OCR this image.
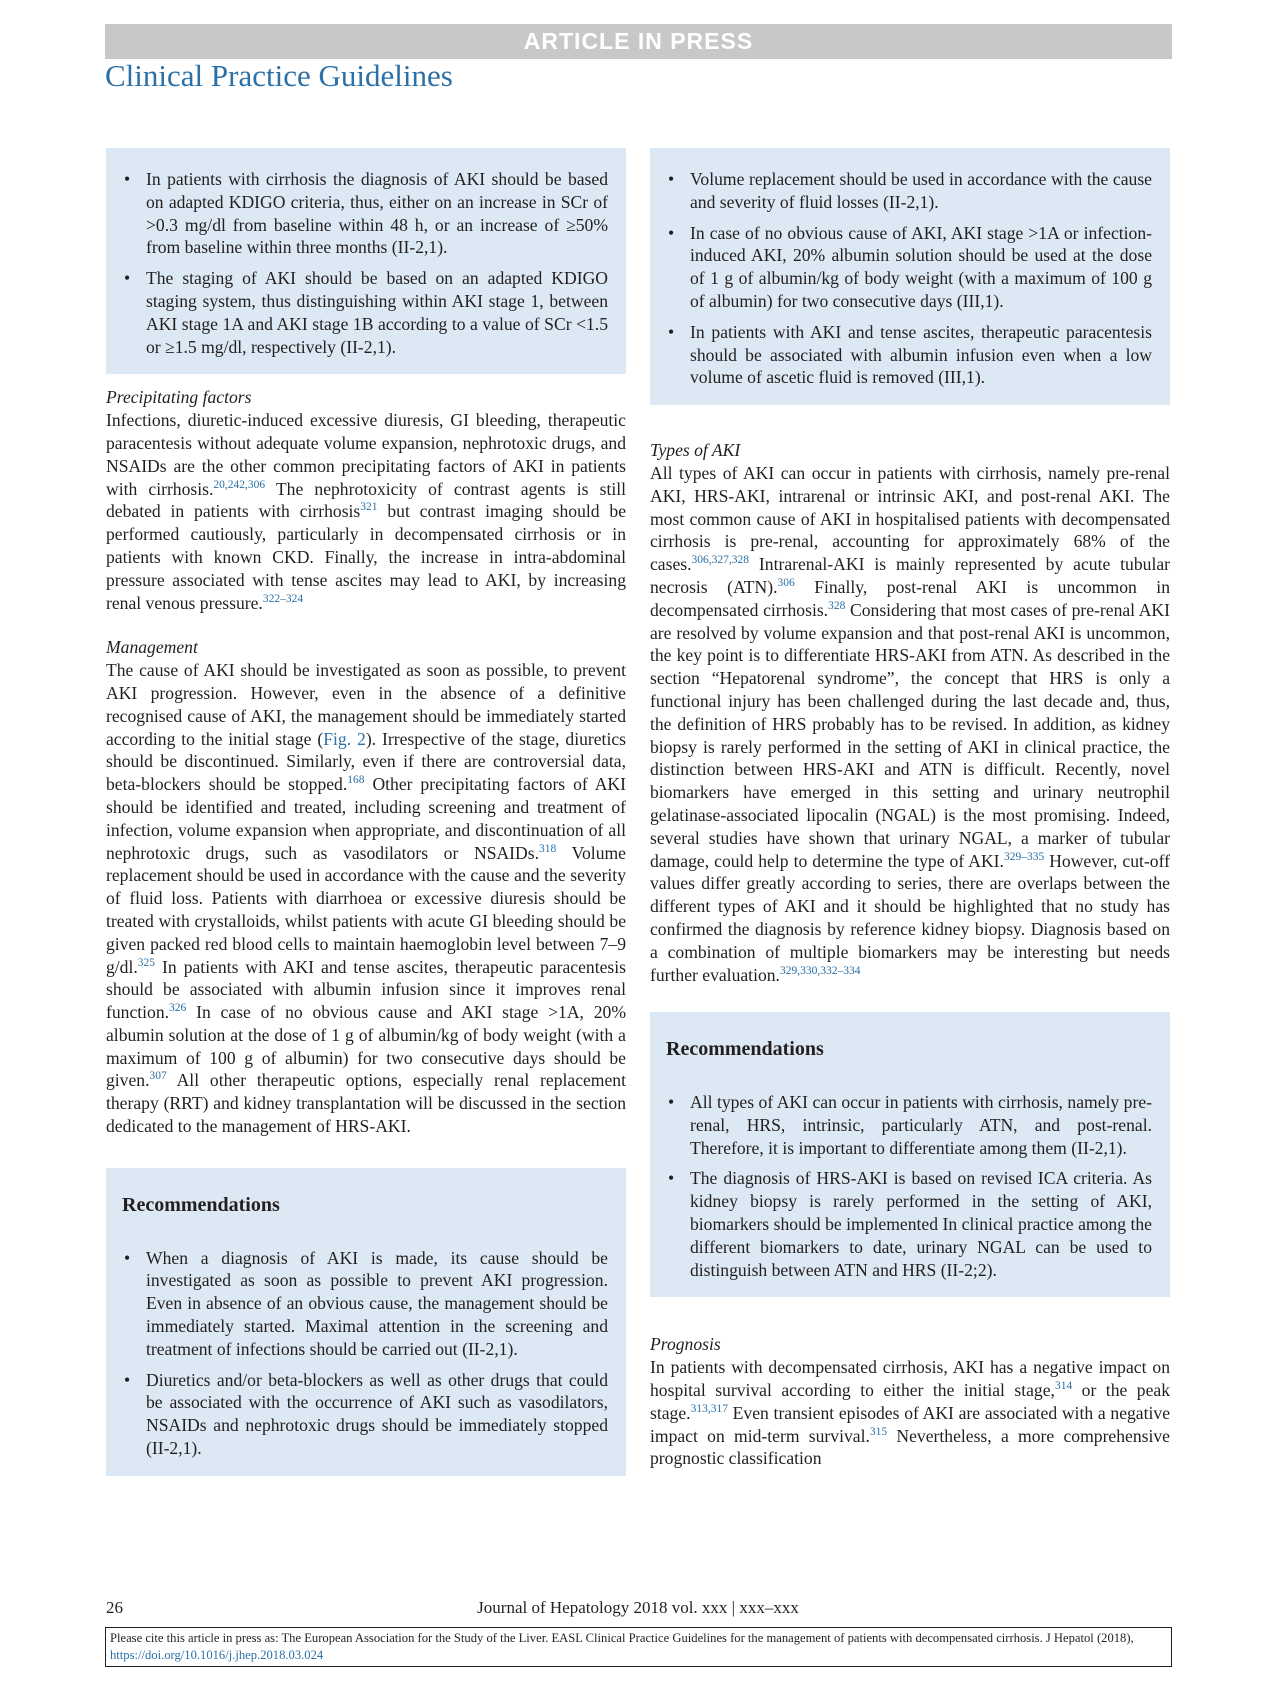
ARTICLE IN PRESS
Clinical Practice Guidelines
• In patients with cirrhosis the diagnosis of AKI should be based on adapted KDIGO criteria, thus, either on an increase in SCr of >0.3 mg/dl from baseline within 48 h, or an increase of ≥50% from baseline within three months (II-2,1).
• The staging of AKI should be based on an adapted KDIGO staging system, thus distinguishing within AKI stage 1, between AKI stage 1A and AKI stage 1B according to a value of SCr <1.5 or ≥1.5 mg/dl, respectively (II-2,1).

Precipitating factors

Infections, diuretic-induced excessive diuresis, GI bleeding, therapeutic paracentesis without adequate volume expansion, nephrotoxic drugs, and NSAIDs are the other common precipitating factors of AKI in patients with cirrhosis.$^{20,242,306}$ The nephrotoxicity of contrast agents is still debated in patients with cirrhosis$^{321}$ but contrast imaging should be performed cautiously, particularly in decompensated cirrhosis or in patients with known CKD. Finally, the increase in intra-abdominal pressure associated with tense ascites may lead to AKI, by increasing renal venous pressure.$^{322-324}$

Management

The cause of AKI should be investigated as soon as possible, to prevent AKI progression. However, even in the absence of a definitive recognised cause of AKI, the management should be immediately started according to the initial stage (Fig. 2). Irrespective of the stage, diuretics should be discontinued. Similarly, even if there are controversial data, beta-blockers should be stopped.$^{168}$ Other precipitating factors of AKI should be identified and treated, including screening and treatment of infection, volume expansion when appropriate, and discontinuation of all nephrotoxic drugs, such as vasodilators or NSAIDs.$^{318}$ Volume replacement should be used in accordance with the cause and the severity of fluid loss. Patients with diarrhoea or excessive diuresis should be treated with crystalloids, whilst patients with acute GI bleeding should be given packed red blood cells to maintain haemoglobin level between 7–9 g/dl.$^{325}$ In patients with AKI and tense ascites, therapeutic paracentesis should be associated with albumin infusion since it improves renal function.$^{326}$ In case of no obvious cause and AKI stage >1A, 20% albumin solution at the dose of 1 g of albumin/kg of body weight (with a maximum of 100 g of albumin) for two consecutive days should be given.$^{307}$ All other therapeutic options, especially renal replacement therapy (RRT) and kidney transplantation will be discussed in the section dedicated to the management of HRS-AKI.

Recommendations
• When a diagnosis of AKI is made, its cause should be investigated as soon as possible to prevent AKI progression. Even in absence of an obvious cause, the management should be immediately started. Maximal attention in the screening and treatment of infections should be carried out (II-2,1).
• Diuretics and/or beta-blockers as well as other drugs that could be associated with the occurrence of AKI such as vasodilators, NSAIDs and nephrotoxic drugs should be immediately stopped (II-2,1).
• Volume replacement should be used in accordance with the cause and severity of fluid losses (II-2,1).
• In case of no obvious cause of AKI, AKI stage >1A or infection-induced AKI, 20% albumin solution should be used at the dose of 1 g of albumin/kg of body weight (with a maximum of 100 g of albumin) for two consecutive days (III,1).
• In patients with AKI and tense ascites, therapeutic paracentesis should be associated with albumin infusion even when a low volume of ascetic fluid is removed (III,1).

Types of AKI

All types of AKI can occur in patients with cirrhosis, namely pre-renal AKI, HRS-AKI, intrarenal or intrinsic AKI, and post-renal AKI. The most common cause of AKI in hospitalised patients with decompensated cirrhosis is pre-renal, accounting for approximately 68% of the cases.$^{306,327,328}$ Intrarenal-AKI is mainly represented by acute tubular necrosis (ATN).$^{306}$ Finally, post-renal AKI is uncommon in decompensated cirrhosis.$^{328}$ Considering that most cases of pre-renal AKI are resolved by volume expansion and that post-renal AKI is uncommon, the key point is to differentiate HRS-AKI from ATN. As described in the section “Hepatorenal syndrome”, the concept that HRS is only a functional injury has been challenged during the last decade and, thus, the definition of HRS probably has to be revised. In addition, as kidney biopsy is rarely performed in the setting of AKI in clinical practice, the distinction between HRS-AKI and ATN is difficult. Recently, novel biomarkers have emerged in this setting and urinary neutrophil gelatinase-associated lipocalin (NGAL) is the most promising. Indeed, several studies have shown that urinary NGAL, a marker of tubular damage, could help to determine the type of AKI.$^{329-335}$ However, cut-off values differ greatly according to series, there are overlaps between the different types of AKI and it should be highlighted that no study has confirmed the diagnosis by reference kidney biopsy. Diagnosis based on a combination of multiple biomarkers may be interesting but needs further evaluation.$^{329,330,332-334}$

Recommendations
• All types of AKI can occur in patients with cirrhosis, namely pre-renal, HRS, intrinsic, particularly ATN, and post-renal. Therefore, it is important to differentiate among them (II-2,1).
• The diagnosis of HRS-AKI is based on revised ICA criteria. As kidney biopsy is rarely performed in the setting of AKI, biomarkers should be implemented In clinical practice among the different biomarkers to date, urinary NGAL can be used to distinguish between ATN and HRS (II-2;2).

Prognosis

In patients with decompensated cirrhosis, AKI has a negative impact on hospital survival according to either the initial stage,$^{314}$ or the peak stage.$^{313,317}$ Even transient episodes of AKI are associated with a negative impact on mid-term survival.$^{315}$ Nevertheless, a more comprehensive prognostic classification

26	Journal of Hepatology 2018 vol. xxx | xxx–xxx
Please cite this article in press as: The European Association for the Study of the Liver. EASL Clinical Practice Guidelines for the management of patients with decompensated cirrhosis. J Hepatol (2018), https://doi.org/10.1016/j.jhep.2018.03.024
